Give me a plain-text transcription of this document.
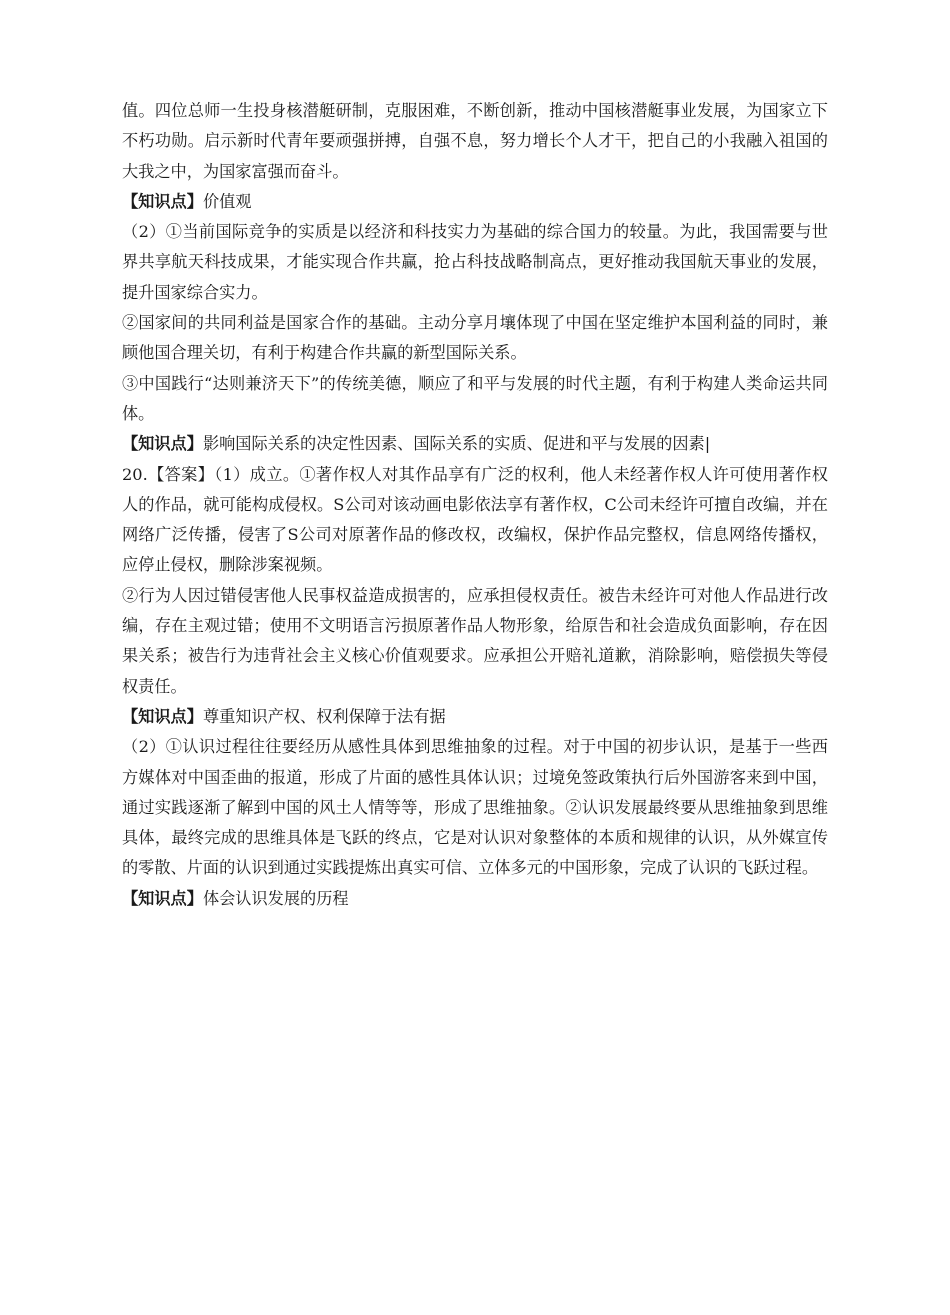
值。四位总师一生投身核潜艇研制，克服困难，不断创新，推动中国核潜艇事业发展，为国家立下不朽功勋。启示新时代青年要顽强拼搏，自强不息，努力增长个人才干，把自己的小我融入祖国的大我之中，为国家富强而奋斗。

【知识点】价值观

（2）①当前国际竞争的实质是以经济和科技实力为基础的综合国力的较量。为此，我国需要与世界共享航天科技成果，才能实现合作共赢，抢占科技战略制高点，更好推动我国航天事业的发展，提升国家综合实力。

②国家间的共同利益是国家合作的基础。主动分享月壤体现了中国在坚定维护本国利益的同时，兼顾他国合理关切，有利于构建合作共赢的新型国际关系。

③中国践行“达则兼济天下”的传统美德，顺应了和平与发展的时代主题，有利于构建人类命运共同体。

【知识点】影响国际关系的决定性因素、国际关系的实质、促进和平与发展的因素|

20.【答案】（1）成立。①著作权人对其作品享有广泛的权利，他人未经著作权人许可使用著作权人的作品，就可能构成侵权。S公司对该动画电影依法享有著作权，C公司未经许可擅自改编，并在网络广泛传播，侵害了S公司对原著作品的修改权，改编权，保护作品完整权，信息网络传播权，应停止侵权，删除涉案视频。

②行为人因过错侵害他人民事权益造成损害的，应承担侵权责任。被告未经许可对他人作品进行改编，存在主观过错；使用不文明语言污损原著作品人物形象，给原告和社会造成负面影响，存在因果关系；被告行为违背社会主义核心价值观要求。应承担公开赔礼道歉，消除影响，赔偿损失等侵权责任。

【知识点】尊重知识产权、权利保障于法有据

（2）①认识过程往往要经历从感性具体到思维抽象的过程。对于中国的初步认识，是基于一些西方媒体对中国歪曲的报道，形成了片面的感性具体认识；过境免签政策执行后外国游客来到中国，通过实践逐渐了解到中国的风土人情等等，形成了思维抽象。②认识发展最终要从思维抽象到思维具体，最终完成的思维具体是飞跃的终点，它是对认识对象整体的本质和规律的认识，从外媒宣传的零散、片面的认识到通过实践提炼出真实可信、立体多元的中国形象，完成了认识的飞跃过程。

【知识点】体会认识发展的历程
